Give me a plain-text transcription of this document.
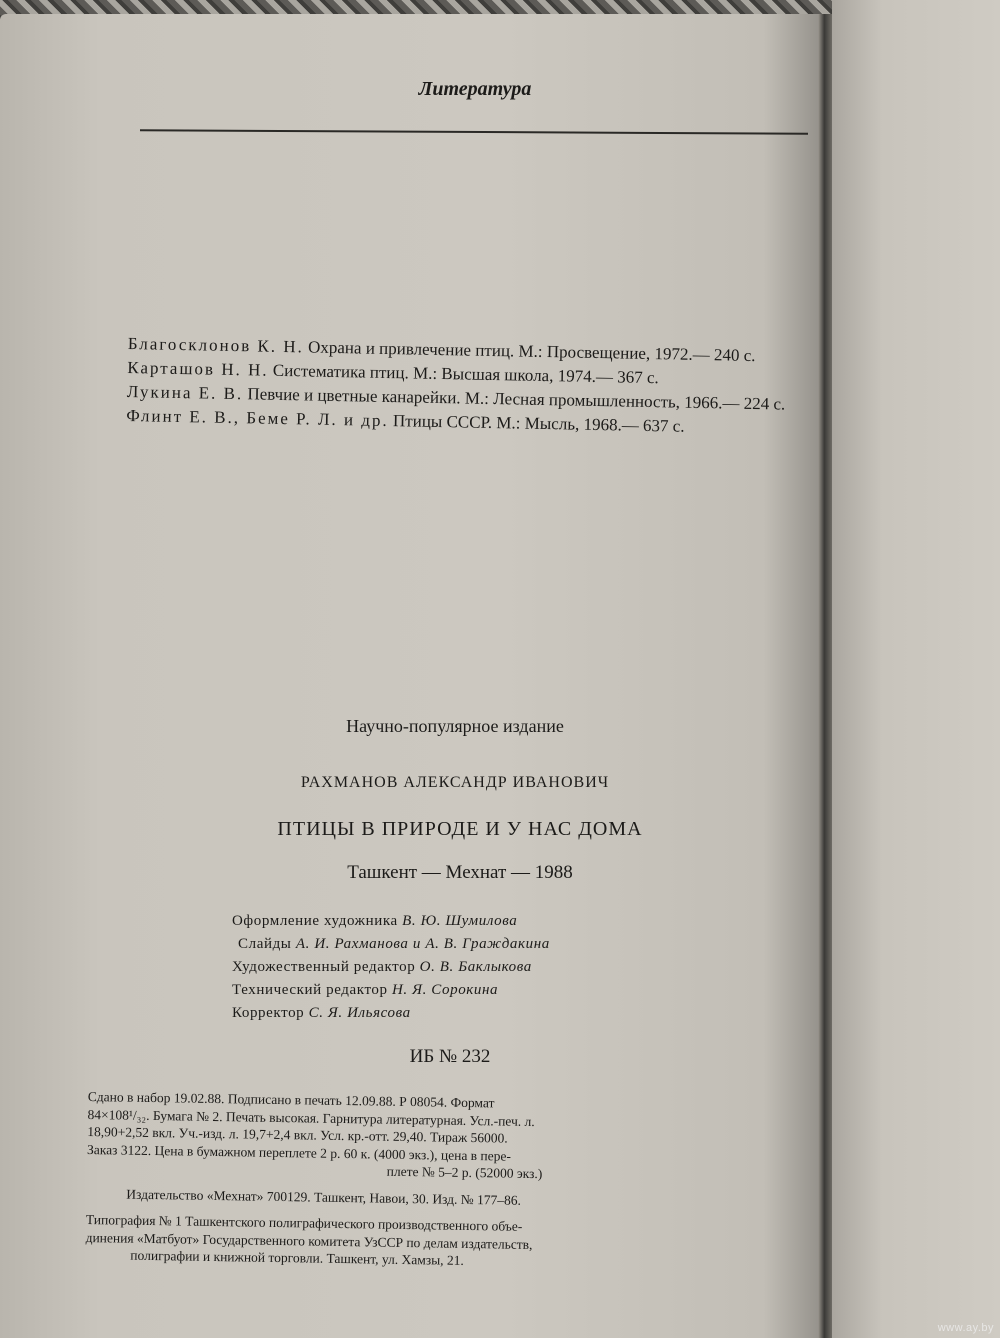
Литература
Благосклонов К. Н. Охрана и привлечение птиц. М.: Просвещение, 1972.— 240 с.
Карташов Н. Н. Систематика птиц. М.: Высшая школа, 1974.— 367 с.
Лукина Е. В. Певчие и цветные канарейки. М.: Лесная промышленность, 1966.— 224 с.
Флинт Е. В., Беме Р. Л. и др. Птицы СССР. М.: Мысль, 1968.— 637 с.
Научно-популярное издание
РАХМАНОВ АЛЕКСАНДР ИВАНОВИЧ
ПТИЦЫ В ПРИРОДЕ И У НАС ДОМА
Ташкент — Мехнат — 1988
Оформление художника В. Ю. Шумилова
Слайды А. И. Рахманова и А. В. Граждакина
Художественный редактор О. В. Баклыкова
Технический редактор Н. Я. Сорокина
Корректор С. Я. Ильясова
ИБ № 232

Сдано в набор 19.02.88. Подписано в печать 12.09.88. Р 08054. Формат
84×108¹/₃₂. Бумага № 2. Печать высокая. Гарнитура литературная. Усл.-печ. л.
18,90+2,52 вкл. Уч.-изд. л. 19,7+2,4 вкл. Усл. кр.-отт. 29,40. Тираж 56000.
Заказ 3122. Цена в бумажном переплете 2 р. 60 к. (4000 экз.), цена в пере-
плете № 5–2 р. (52000 экз.)

Издательство «Мехнат» 700129. Ташкент, Навои, 30. Изд. № 177–86.

Типография № 1 Ташкентского полиграфического производственного объе-
динения «Матбуот» Государственного комитета УзССР по делам издательств,
полиграфии и книжной торговли. Ташкент, ул. Хамзы, 21.

www.ay.by
